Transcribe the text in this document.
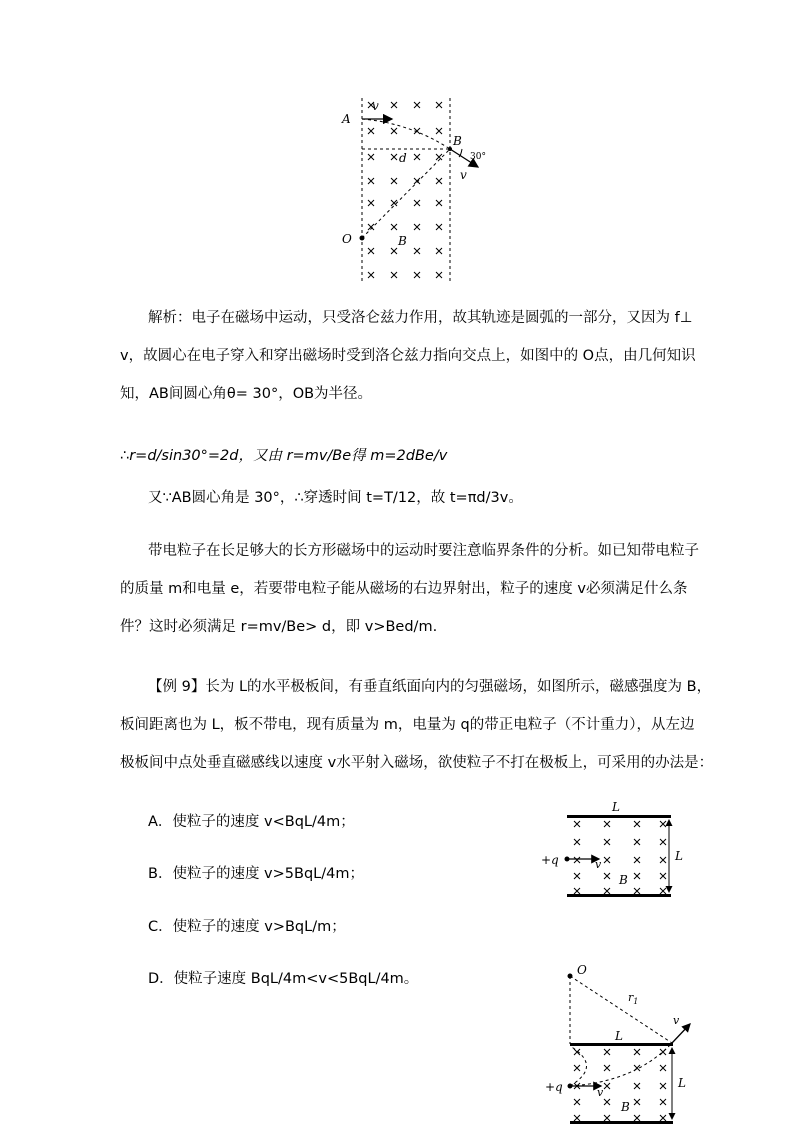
A
v
B
30°
v
d
O	B
解析：电子在磁场中运动，只受洛仑兹力作用，故其轨迹是圆弧的一部分，又因为 f⊥
v，故圆心在电子穿入和穿出磁场时受到洛仑兹力指向交点上，如图中的 O点，由几何知识
知，AB间圆心角θ= 30°，OB为半径。
∴r=d/sin30°=2d，又由 r=mv/Be得 m=2dBe/v
又∵AB圆心角是 30°，∴穿透时间 t=T/12，故 t=πd/3v。
带电粒子在长足够大的长方形磁场中的运动时要注意临界条件的分析。如已知带电粒子
的质量 m和电量 e，若要带电粒子能从磁场的右边界射出，粒子的速度 v必须满足什么条
件？这时必须满足 r=mv/Be> d，即 v>Bed/m.
【例 9】长为 L的水平极板间，有垂直纸面向内的匀强磁场，如图所示，磁感强度为 B，
板间距离也为 L，板不带电，现有质量为 m，电量为 q的带正电粒子（不计重力），从左边
极板间中点处垂直磁感线以速度 v水平射入磁场，欲使粒子不打在极板上，可采用的办法是：
A．使粒子的速度 v<BqL/4m；
B．使粒子的速度 v>5BqL/4m；
C．使粒子的速度 v>BqL/m；
D．使粒子速度 BqL/4m<v<5BqL/4m。
L
+q	v
L
B
O
$r_1$
v
L
+q	v
L
B
